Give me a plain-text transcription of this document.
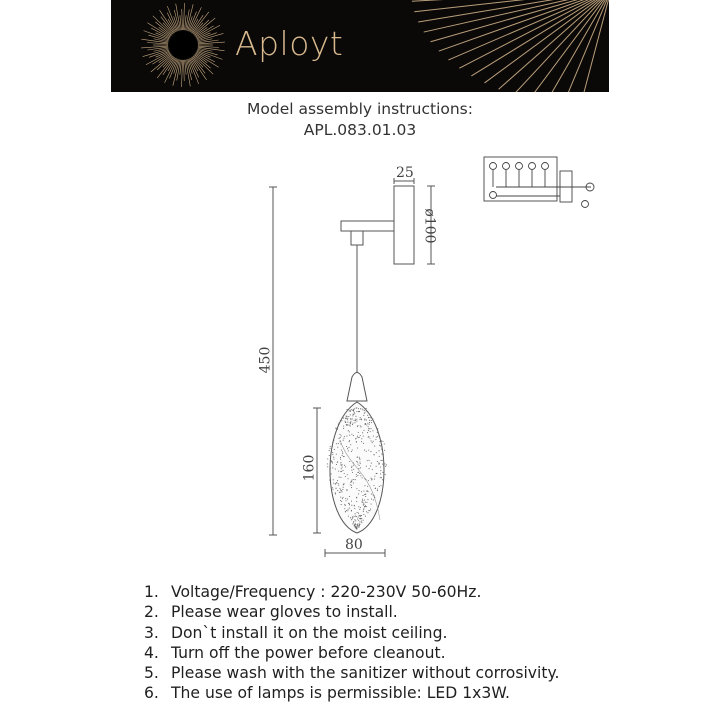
Aployt
Model assembly instructions:
APL.083.01.03
25
ø100
450
160
80
1. Voltage/Frequency : 220-230V 50-60Hz.
2. Please wear gloves to install.
3. Don`t install it on the moist ceiling.
4. Turn off the power before cleanout.
5. Please wash with the sanitizer without corrosivity.
6. The use of lamps is permissible: LED 1x3W.
